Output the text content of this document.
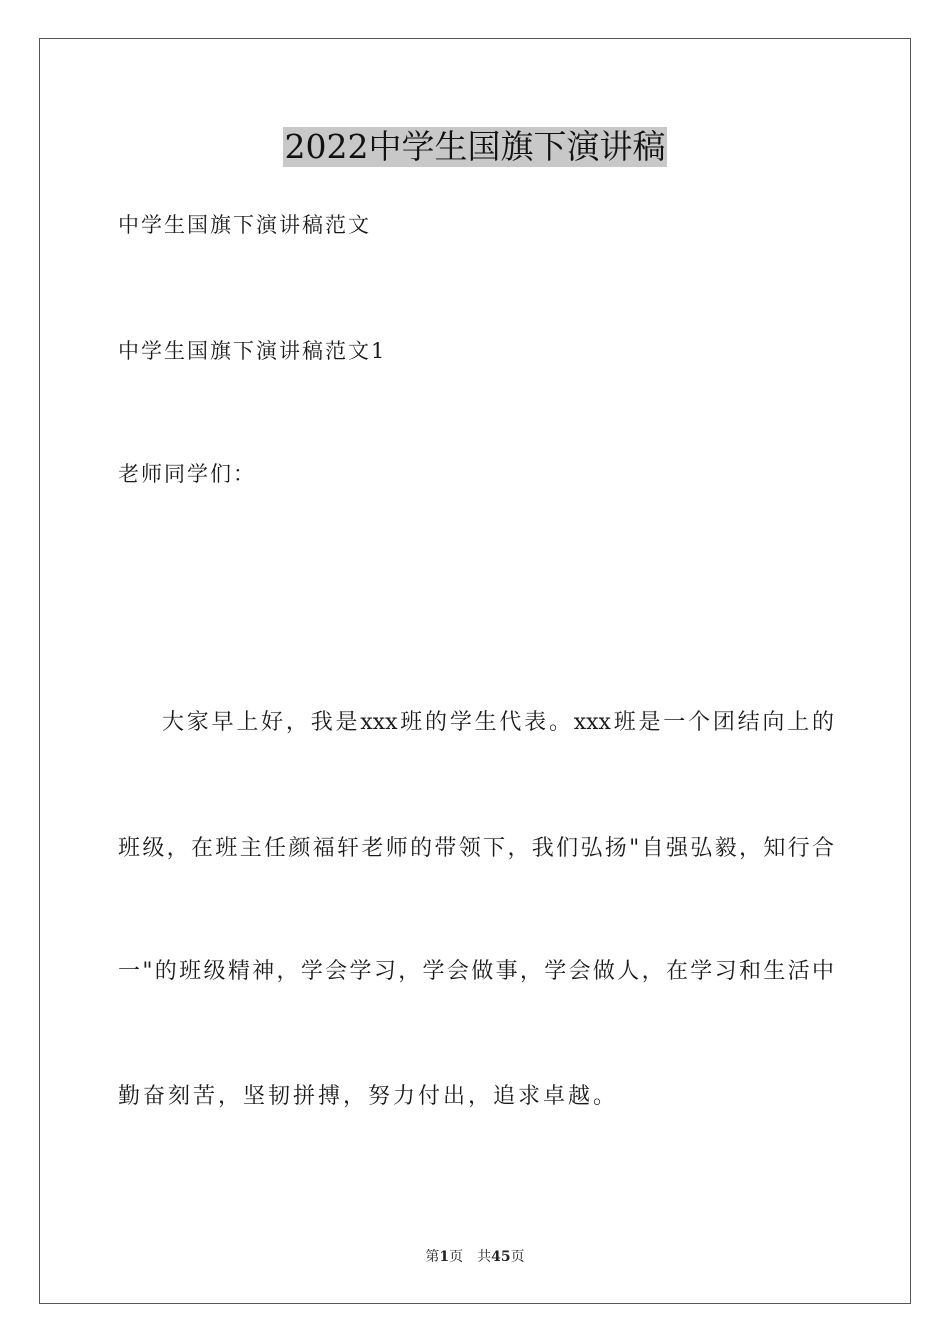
2022中学生国旗下演讲稿
中学生国旗下演讲稿范文
中学生国旗下演讲稿范文1
老师同学们：
大家早上好，我是xxx班的学生代表。xxx班是一个团结向上的
班级，在班主任颜福轩老师的带领下，我们弘扬"自强弘毅，知行合
一"的班级精神，学会学习，学会做事，学会做人，在学习和生活中
勤奋刻苦，坚韧拼搏，努力付出，追求卓越。
第1页 共45页
